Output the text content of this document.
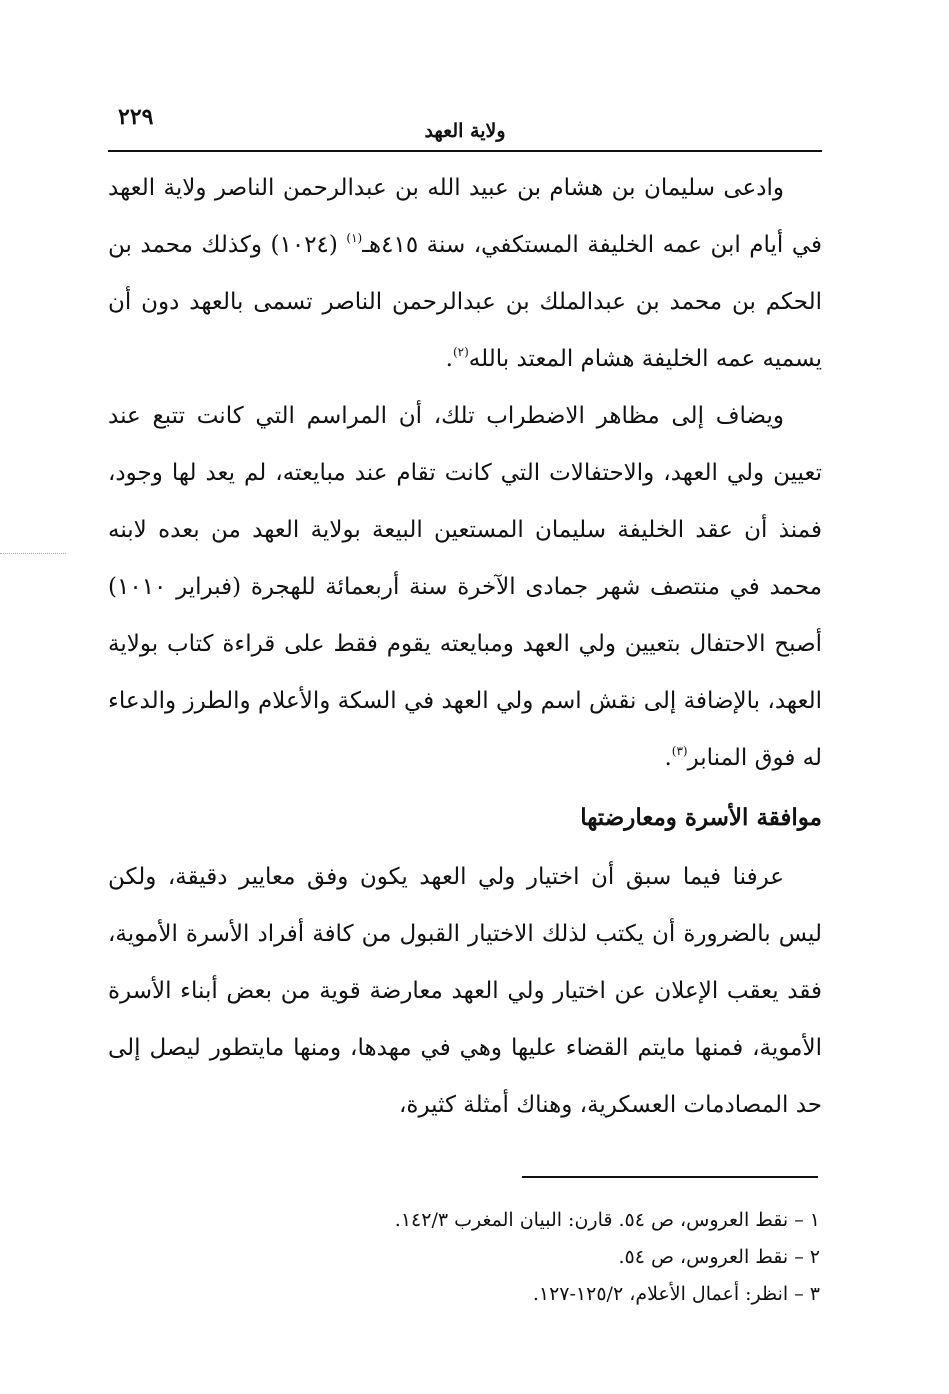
٢٢٩
ولاية العهد

وادعى سليمان بن هشام بن عبيد الله بن عبدالرحمن الناصر ولاية العهد في أيام ابن عمه الخليفة المستكفي، سنة ٤١٥هـ$^{(١)}$ (١٠٢٤) وكذلك محمد بن الحكم بن محمد بن عبدالملك بن عبدالرحمن الناصر تسمى بالعهد دون أن يسميه عمه الخليفة هشام المعتد بالله$^{(٢)}$.

ويضاف إلى مظاهر الاضطراب تلك، أن المراسم التي كانت تتبع عند تعيين ولي العهد، والاحتفالات التي كانت تقام عند مبايعته، لم يعد لها وجود، فمنذ أن عقد الخليفة سليمان المستعين البيعة بولاية العهد من بعده لابنه محمد في منتصف شهر جمادى الآخرة سنة أربعمائة للهجرة (فبراير ١٠١٠) أصبح الاحتفال بتعيين ولي العهد ومبايعته يقوم فقط على قراءة كتاب بولاية العهد، بالإضافة إلى نقش اسم ولي العهد في السكة والأعلام والطرز والدعاء له فوق المنابر$^{(٣)}$.

موافقة الأسرة ومعارضتها

عرفنا فيما سبق أن اختيار ولي العهد يكون وفق معايير دقيقة، ولكن ليس بالضرورة أن يكتب لذلك الاختيار القبول من كافة أفراد الأسرة الأموية، فقد يعقب الإعلان عن اختيار ولي العهد معارضة قوية من بعض أبناء الأسرة الأموية، فمنها مايتم القضاء عليها وهي في مهدها، ومنها مايتطور ليصل إلى حد المصادمات العسكرية، وهناك أمثلة كثيرة،

١ – نقط العروس، ص ٥٤. قارن: البيان المغرب ١٤٢/٣.
٢ – نقط العروس، ص ٥٤.
٣ – انظر: أعمال الأعلام، ١٢٥/٢-١٢٧.
